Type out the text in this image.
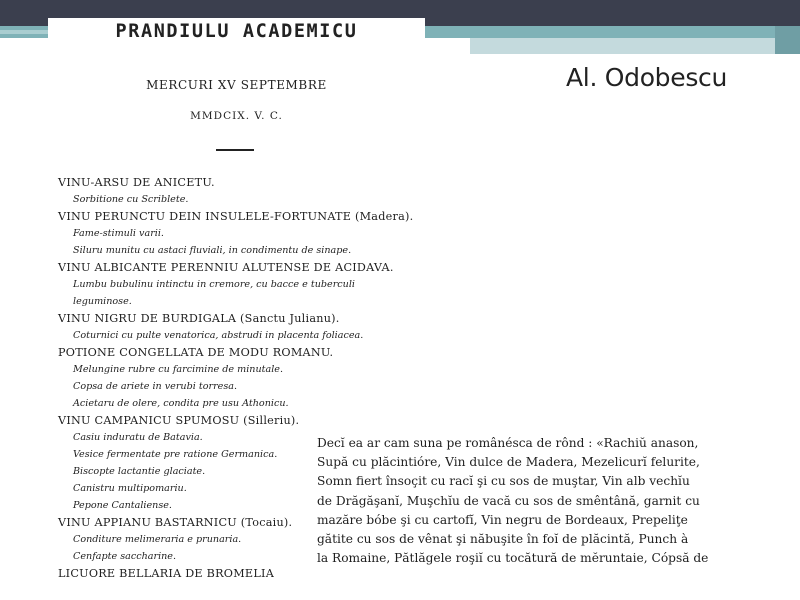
PRANDIULU ACADEMICU
MERCURI XV SEPTEMBRE
MMDCIX. V. C.
VINU-ARSU DE ANICETU.
Sorbitione cu Scriblete.
VINU PERUNCTU DEIN INSULELE-FORTUNATE (Madera).
Fame-stimuli varii.
Siluru munitu cu astaci fluviali, in condimentu de sinape.
VINU ALBICANTE PERENNIU ALUTENSE DE ACIDAVA.
Lumbu bubulinu intinctu in cremore, cu bacce e tuberculi
leguminose.
VINU NIGRU DE BURDIGALA (Sanctu Julianu).
Coturnici cu pulte venatorica, abstrudi in placenta foliacea.
POTIONE CONGELLATA DE MODU ROMANU.
Melungine rubre cu farcimine de minutale.
Copsa de ariete in verubi torresa.
Acietaru de olere, condita pre usu Athonicu.
VINU CAMPANICU SPUMOSU (Silleriu).
Casiu induratu de Batavia.
Vesice fermentate pre ratione Germanica.
Biscopte lactantie glaciate.
Canistru multipomariu.
Pepone Cantaliense.
VINU APPIANU BASTARNICU (Tocaiu).
Conditure melimeraria e prunaria.
Cenfapte saccharine.
LICUORE BELLARIA DE BROMELIA
Al. Odobescu
Decĭ ea ar cam suna pe românésca de rônd : «Rachiŭ anason,
Supă cu plăcintióre, Vin dulce de Madera, Mezelicurĭ felurite,
Somn fiert însoçit cu racĭ şi cu sos de muştar, Vin alb vechĭu
de Drăgăşanĭ, Muşchĭu de vacă cu sos de smêntână, garnit cu
mazăre bóbe şi cu cartofĭ, Vin negru de Bordeaux, Prepeliţe
gătite cu sos de vênat şi năbuşite în foĭ de plăcintă, Punch à
la Romaine, Pătlăgele roşiĭ cu tocătură de mĕruntaie, Cópsă de
